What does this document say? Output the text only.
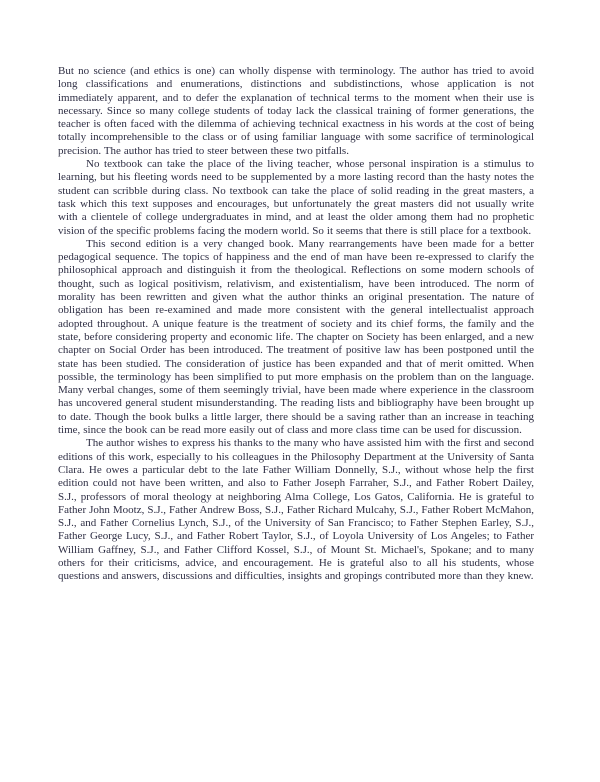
But no science (and ethics is one) can wholly dispense with terminology. The author has tried to avoid long classifications and enumerations, distinctions and subdistinctions, whose application is not immediately apparent, and to defer the explanation of technical terms to the moment when their use is necessary. Since so many college students of today lack the classical training of former generations, the teacher is often faced with the dilemma of achieving technical exactness in his words at the cost of being totally incomprehensible to the class or of using familiar language with some sacrifice of terminological precision. The author has tried to steer between these two pitfalls.

No textbook can take the place of the living teacher, whose personal inspiration is a stimulus to learning, but his fleeting words need to be supplemented by a more lasting record than the hasty notes the student can scribble during class. No textbook can take the place of solid reading in the great masters, a task which this text supposes and encourages, but unfortunately the great masters did not usually write with a clientele of college undergraduates in mind, and at least the older among them had no prophetic vision of the specific problems facing the modern world. So it seems that there is still place for a textbook.

This second edition is a very changed book. Many rearrangements have been made for a better pedagogical sequence. The topics of happiness and the end of man have been re-expressed to clarify the philosophical approach and distinguish it from the theological. Reflections on some modern schools of thought, such as logical positivism, relativism, and existentialism, have been introduced. The norm of morality has been rewritten and given what the author thinks an original presentation. The nature of obligation has been re-examined and made more consistent with the general intellectualist approach adopted throughout. A unique feature is the treatment of society and its chief forms, the family and the state, before considering property and economic life. The chapter on Society has been enlarged, and a new chapter on Social Order has been introduced. The treatment of positive law has been postponed until the state has been studied. The consideration of justice has been expanded and that of merit omitted. When possible, the terminology has been simplified to put more emphasis on the problem than on the language. Many verbal changes, some of them seemingly trivial, have been made where experience in the classroom has uncovered general student misunderstanding. The reading lists and bibliography have been brought up to date. Though the book bulks a little larger, there should be a saving rather than an increase in teaching time, since the book can be read more easily out of class and more class time can be used for discussion.

The author wishes to express his thanks to the many who have assisted him with the first and second editions of this work, especially to his colleagues in the Philosophy Department at the University of Santa Clara. He owes a particular debt to the late Father William Donnelly, S.J., without whose help the first edition could not have been written, and also to Father Joseph Farraher, S.J., and Father Robert Dailey, S.J., professors of moral theology at neighboring Alma College, Los Gatos, California. He is grateful to Father John Mootz, S.J., Father Andrew Boss, S.J., Father Richard Mulcahy, S.J., Father Robert McMahon, S.J., and Father Cornelius Lynch, S.J., of the University of San Francisco; to Father Stephen Earley, S.J., Father George Lucy, S.J., and Father Robert Taylor, S.J., of Loyola University of Los Angeles; to Father William Gaffney, S.J., and Father Clifford Kossel, S.J., of Mount St. Michael's, Spokane; and to many others for their criticisms, advice, and encouragement. He is grateful also to all his students, whose questions and answers, discussions and difficulties, insights and gropings contributed more than they knew.
